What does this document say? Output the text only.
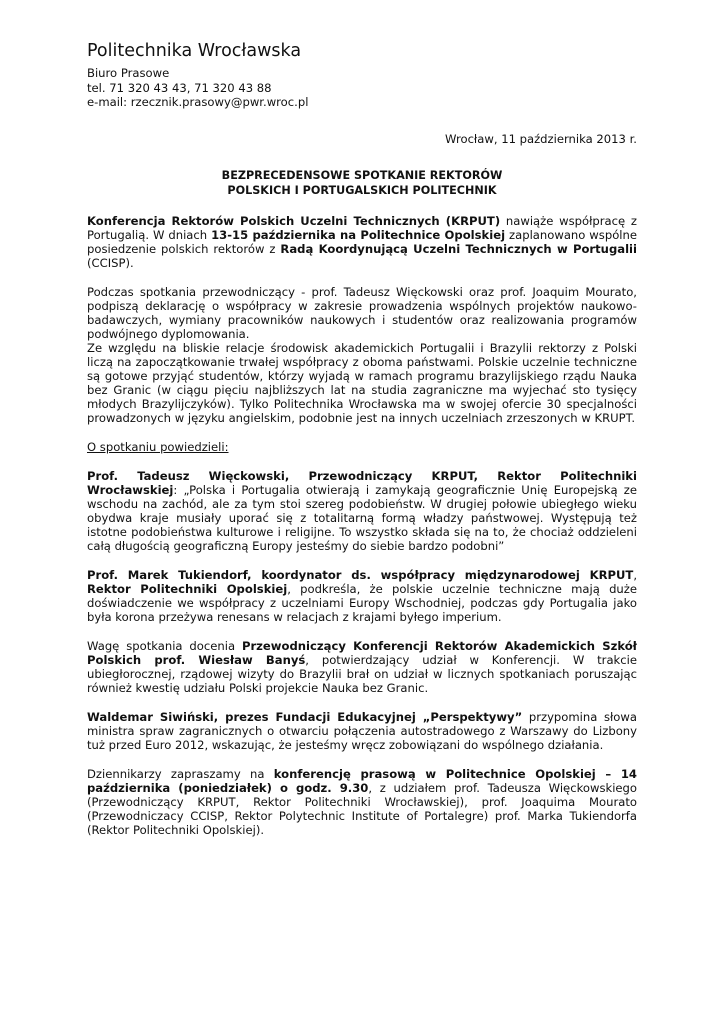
Politechnika Wrocławska
Biuro Prasowe
tel. 71 320 43 43, 71 320 43 88
e-mail: rzecznik.prasowy@pwr.wroc.pl
Wrocław, 11 października 2013 r.
BEZPRECEDENSOWE SPOTKANIE REKTORÓW
POLSKICH I PORTUGALSKICH POLITECHNIK

Konferencja Rektorów Polskich Uczelni Technicznych (KRPUT) nawiąże współpracę z Portugalią. W dniach 13-15 października na Politechnice Opolskiej zaplanowano wspólne posiedzenie polskich rektorów z Radą Koordynującą Uczelni Technicznych w Portugalii (CCISP).

Podczas spotkania przewodniczący - prof. Tadeusz Więckowski oraz prof. Joaquim Mourato, podpiszą deklarację o współpracy w zakresie prowadzenia wspólnych projektów naukowo-badawczych, wymiany pracowników naukowych i studentów oraz realizowania programów podwójnego dyplomowania.

Ze względu na bliskie relacje środowisk akademickich Portugalii i Brazylii rektorzy z Polski liczą na zapoczątkowanie trwałej współpracy z oboma państwami. Polskie uczelnie techniczne są gotowe przyjąć studentów, którzy wyjadą w ramach programu brazylijskiego rządu Nauka bez Granic (w ciągu pięciu najbliższych lat na studia zagraniczne ma wyjechać sto tysięcy młodych Brazylijczyków). Tylko Politechnika Wrocławska ma w swojej ofercie 30 specjalności prowadzonych w języku angielskim, podobnie jest na innych uczelniach zrzeszonych w KRUPT.

O spotkaniu powiedzieli:

Prof. Tadeusz Więckowski, Przewodniczący KRPUT, Rektor Politechniki Wrocławskiej: „Polska i Portugalia otwierają i zamykają geograficznie Unię Europejską ze wschodu na zachód, ale za tym stoi szereg podobieństw. W drugiej połowie ubiegłego wieku obydwa kraje musiały uporać się z totalitarną formą władzy państwowej. Występują też istotne podobieństwa kulturowe i religijne. To wszystko składa się na to, że chociaż oddzieleni całą długością geograficzną Europy jesteśmy do siebie bardzo podobni”

Prof. Marek Tukiendorf, koordynator ds. współpracy międzynarodowej KRPUT, Rektor Politechniki Opolskiej, podkreśla, że polskie uczelnie techniczne mają duże doświadczenie we współpracy z uczelniami Europy Wschodniej, podczas gdy Portugalia jako była korona przeżywa renesans w relacjach z krajami byłego imperium.

Wagę spotkania docenia Przewodniczący Konferencji Rektorów Akademickich Szkół Polskich prof. Wiesław Banyś, potwierdzający udział w Konferencji. W trakcie ubiegłorocznej, rządowej wizyty do Brazylii brał on udział w licznych spotkaniach poruszając również kwestię udziału Polski projekcie Nauka bez Granic.

Waldemar Siwiński, prezes Fundacji Edukacyjnej „Perspektywy” przypomina słowa ministra spraw zagranicznych o otwarciu połączenia autostradowego z Warszawy do Lizbony tuż przed Euro 2012, wskazując, że jesteśmy wręcz zobowiązani do wspólnego działania.

Dziennikarzy zapraszamy na konferencję prasową w Politechnice Opolskiej – 14 października (poniedziałek) o godz. 9.30, z udziałem prof. Tadeusza Więckowskiego (Przewodniczący KRPUT, Rektor Politechniki Wrocławskiej), prof. Joaquima Mourato (Przewodniczacy CCISP, Rektor Polytechnic Institute of Portalegre) prof. Marka Tukiendorfa (Rektor Politechniki Opolskiej).
